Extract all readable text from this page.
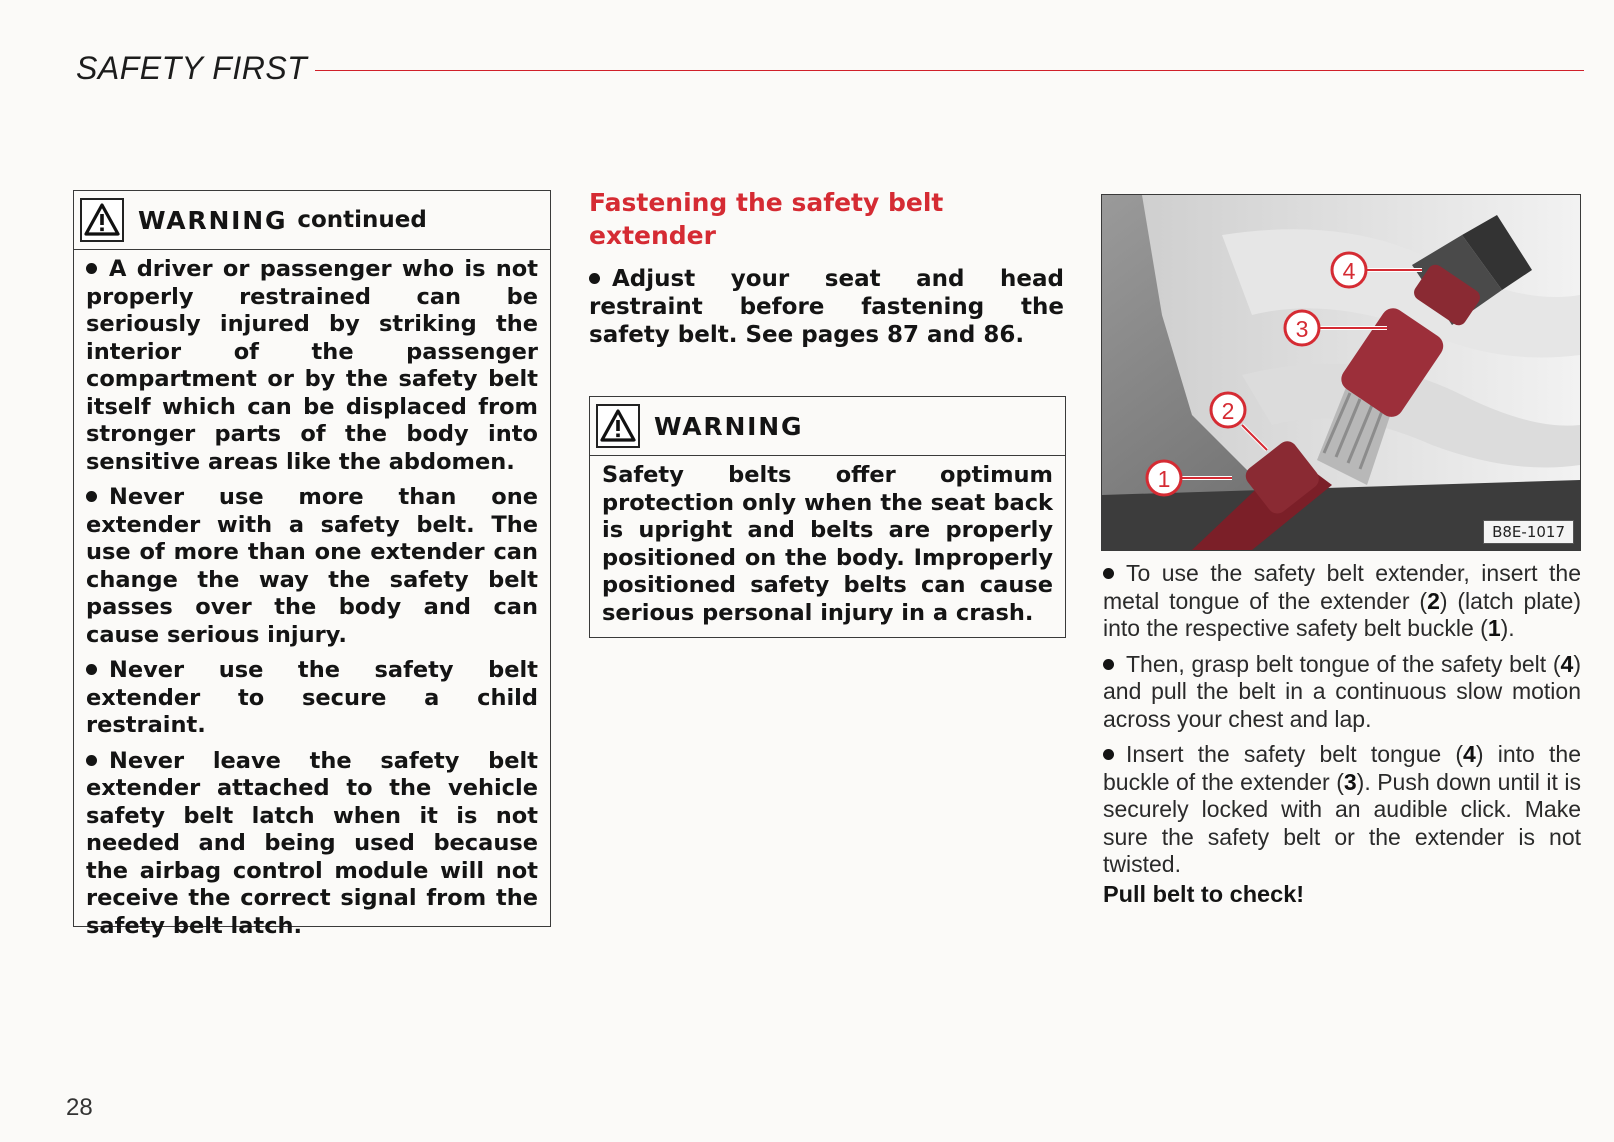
SAFETY FIRST
WARNING continued

A driver or passenger who is not properly restrained can be seriously injured by striking the interior of the passenger compartment or by the safety belt itself which can be displaced from stronger parts of the body into sensitive areas like the abdomen.

Never use more than one extender with a safety belt. The use of more than one extender can change the way the safety belt passes over the body and can cause serious injury.

Never use the safety belt extender to secure a child restraint.

Never leave the safety belt extender attached to the vehicle safety belt latch when it is not needed and being used because the airbag control module will not receive the correct signal from the safety belt latch.

Fastening the safety belt extender

Adjust your seat and head restraint before fastening the safety belt. See pages 87 and 86.

WARNING

Safety belts offer optimum protection only when the seat back is upright and belts are properly positioned on the body. Improperly positioned safety belts can cause serious personal injury in a crash.

1
2
3
4
B8E-1017

To use the safety belt extender, insert the metal tongue of the extender (2) (latch plate) into the respective safety belt buckle (1).

Then, grasp belt tongue of the safety belt (4) and pull the belt in a continuous slow motion across your chest and lap.

Insert the safety belt tongue (4) into the buckle of the extender (3). Push down until it is securely locked with an audible click. Make sure the safety belt or the extender is not twisted.

Pull belt to check!

28
